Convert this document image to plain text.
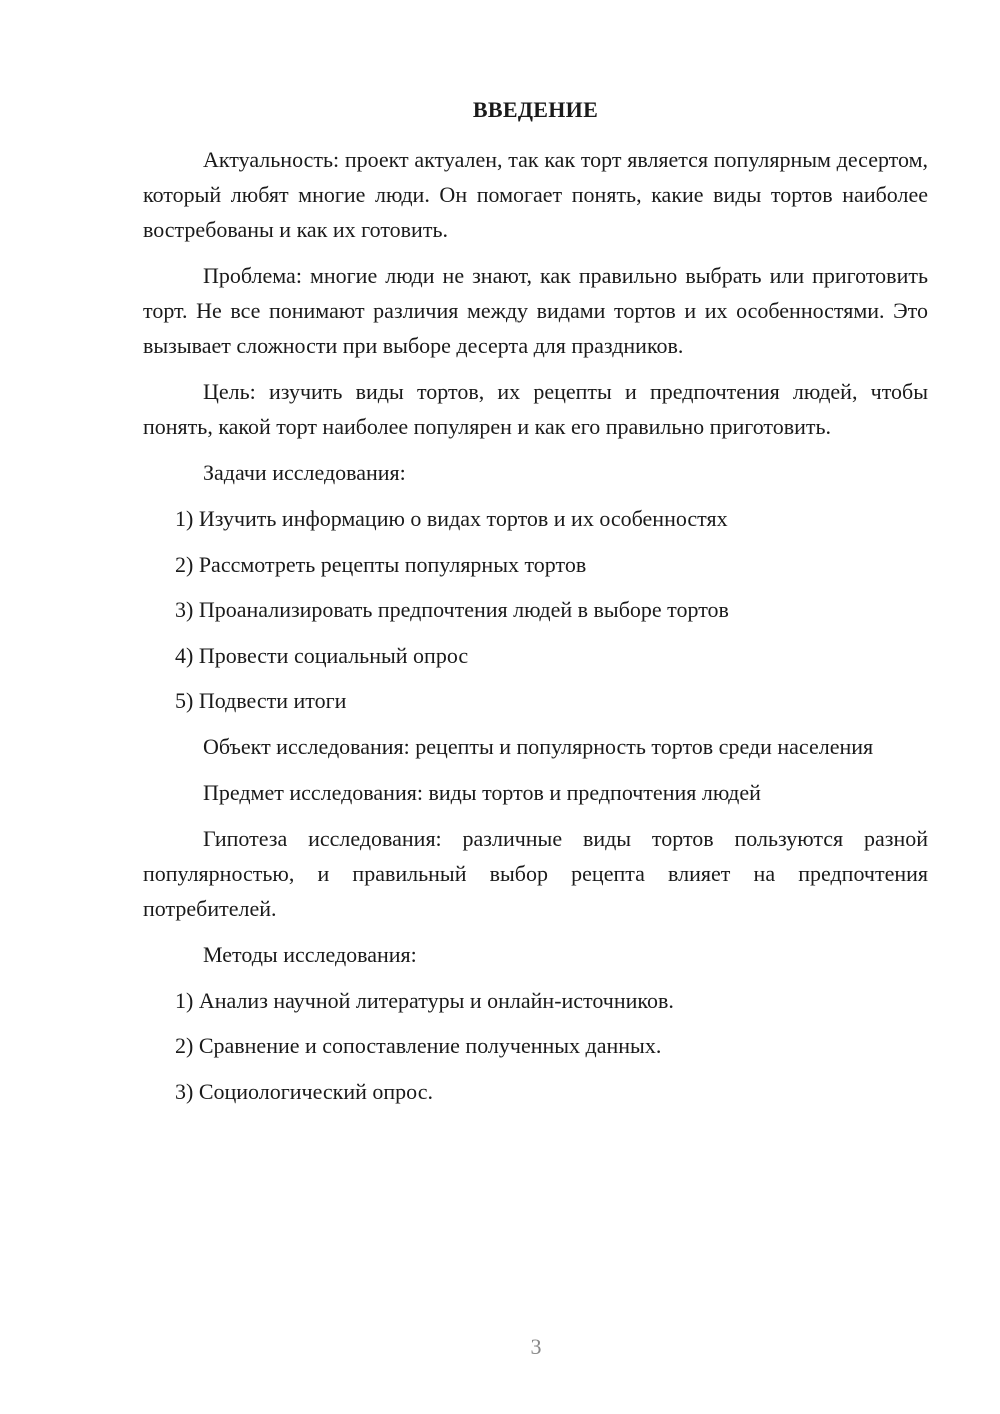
ВВЕДЕНИЕ

Актуальность: проект актуален, так как торт является популярным десертом, который любят многие люди. Он помогает понять, какие виды тортов наиболее востребованы и как их готовить.

Проблема: многие люди не знают, как правильно выбрать или приготовить торт. Не все понимают различия между видами тортов и их особенностями. Это вызывает сложности при выборе десерта для праздников.

Цель: изучить виды тортов, их рецепты и предпочтения людей, чтобы понять, какой торт наиболее популярен и как его правильно приготовить.

Задачи исследования:
1) Изучить информацию о видах тортов и их особенностях
2) Рассмотреть рецепты популярных тортов
3) Проанализировать предпочтения людей в выборе тортов
4) Провести социальный опрос
5) Подвести итоги

Объект исследования: рецепты и популярность тортов среди населения

Предмет исследования: виды тортов и предпочтения людей

Гипотеза исследования: различные виды тортов пользуются разной популярностью, и правильный выбор рецепта влияет на предпочтения потребителей.

Методы исследования:
1) Анализ научной литературы и онлайн-источников.
2) Сравнение и сопоставление полученных данных.
3) Социологический опрос.
3
